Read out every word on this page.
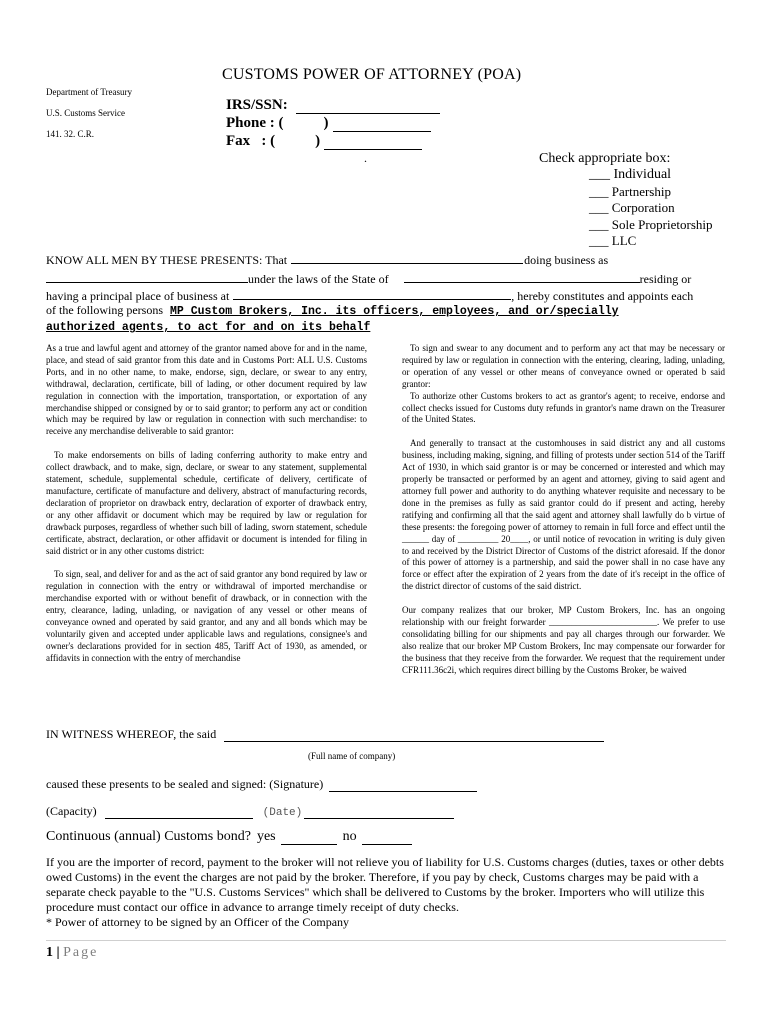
CUSTOMS POWER OF ATTORNEY (POA)
Department of Treasury
U.S. Customs Service
141. 32. C.R.
IRS/SSN:
Phone : (	)
Fax   : (	)
.	Check appropriate box:
___ Individual
___ Partnership
___ Corporation
___ Sole Proprietorship
___ LLC
KNOW ALL MEN BY THESE PRESENTS: That	doing business as
under the laws of the State of	residing or
having a principal place of business at	, hereby constitutes and appoints each
of the following persons MP Custom Brokers, Inc. its officers, employees, and or/specially
authorized agents, to act for and on its behalf

As a true and lawful agent and attorney of the grantor named above for and in the name, place, and stead of said grantor from this date and in Customs Port: ALL U.S. Customs Ports, and in no other name, to make, endorse, sign, declare, or swear to any entry, withdrawal, declaration, certificate, bill of lading, or other document required by law regulation in connection with the importation, transportation, or exportation of any merchandise shipped or consigned by or to said grantor; to perform any act or condition which may be required by law or regulation in connection with such merchandise: to receive any merchandise deliverable to said grantor:

To make endorsements on bills of lading conferring authority to make entry and collect drawback, and to make, sign, declare, or swear to any statement, supplemental statement, schedule, supplemental schedule, certificate of delivery, certificate of manufacture, certificate of manufacture and delivery, abstract of manufacturing records, declaration of proprietor on drawback entry, declaration of exporter of drawback entry, or any other affidavit or document which may be required by law or regulation for drawback purposes, regardless of whether such bill of lading, sworn statement, schedule certificate, abstract, declaration, or other affidavit or document is intended for filing in said district or in any other customs district:

To sign, seal, and deliver for and as the act of said grantor any bond required by law or regulation in connection with the entry or withdrawal of imported merchandise or merchandise exported with or without benefit of drawback, or in connection with the entry, clearance, lading, unlading, or navigation of any vessel or other means of conveyance owned and operated by said grantor, and any and all bonds which may be voluntarily given and accepted under applicable laws and regulations, consignee's and owner's declarations provided for in section 485, Tariff Act of 1930, as amended, or affidavits in connection with the entry of merchandise

To sign and swear to any document and to perform any act that may be necessary or required by law or regulation in connection with the entering, clearing, lading, unlading, or operation of any vessel or other means of conveyance owned or operated b said grantor:

To authorize other Customs brokers to act as grantor's agent; to receive, endorse and collect checks issued for Customs duty refunds in grantor's name drawn on the Treasurer of the United States.

And generally to transact at the customhouses in said district any and all customs business, including making, signing, and filling of protests under section 514 of the Tariff Act of 1930, in which said grantor is or may be concerned or interested and which may properly be transacted or performed by an agent and attorney, giving to said agent and attorney full power and authority to do anything whatever requisite and necessary to be done in the premises as fully as said grantor could do if present and acting, hereby ratifying and confirming all that the said agent and attorney shall lawfully do b virtue of these presents: the foregoing power of attorney to remain in full force and effect until the ______ day of _________ 20____, or until notice of revocation in writing is duly given to and received by the District Director of Customs of the district aforesaid. If the donor of this power of attorney is a partnership, and said the power shall in no case have any force or effect after the expiration of 2 years from the date of it's receipt in the office of the district director of customs of the said district.

Our company realizes that our broker, MP Custom Brokers, Inc. has an ongoing relationship with our freight forwarder ________________________. We prefer to use consolidating billing for our shipments and pay all charges through our forwarder. We also realize that our broker MP Custom Brokers, Inc may compensate our forwarder for the business that they receive from the forwarder. We request that the requirement under CFR111.36c2i, which requires direct billing by the Customs Broker, be waived

IN WITNESS WHEREOF, the said
(Full name of company)
caused these presents to be sealed and signed: (Signature)
(Capacity)	(Date)
Continuous (annual) Customs bond? yes	no
If you are the importer of record, payment to the broker will not relieve you of liability for U.S. Customs charges (duties, taxes or other debts owed Customs) in the event the charges are not paid by the broker. Therefore, if you pay by check, Customs charges may be paid with a separate check payable to the "U.S. Customs Services" which shall be delivered to Customs by the broker. Importers who will utilize this procedure must contact our office in advance to arrange timely receipt of duty checks.
* Power of attorney to be signed by an Officer of the Company
1 | Page
